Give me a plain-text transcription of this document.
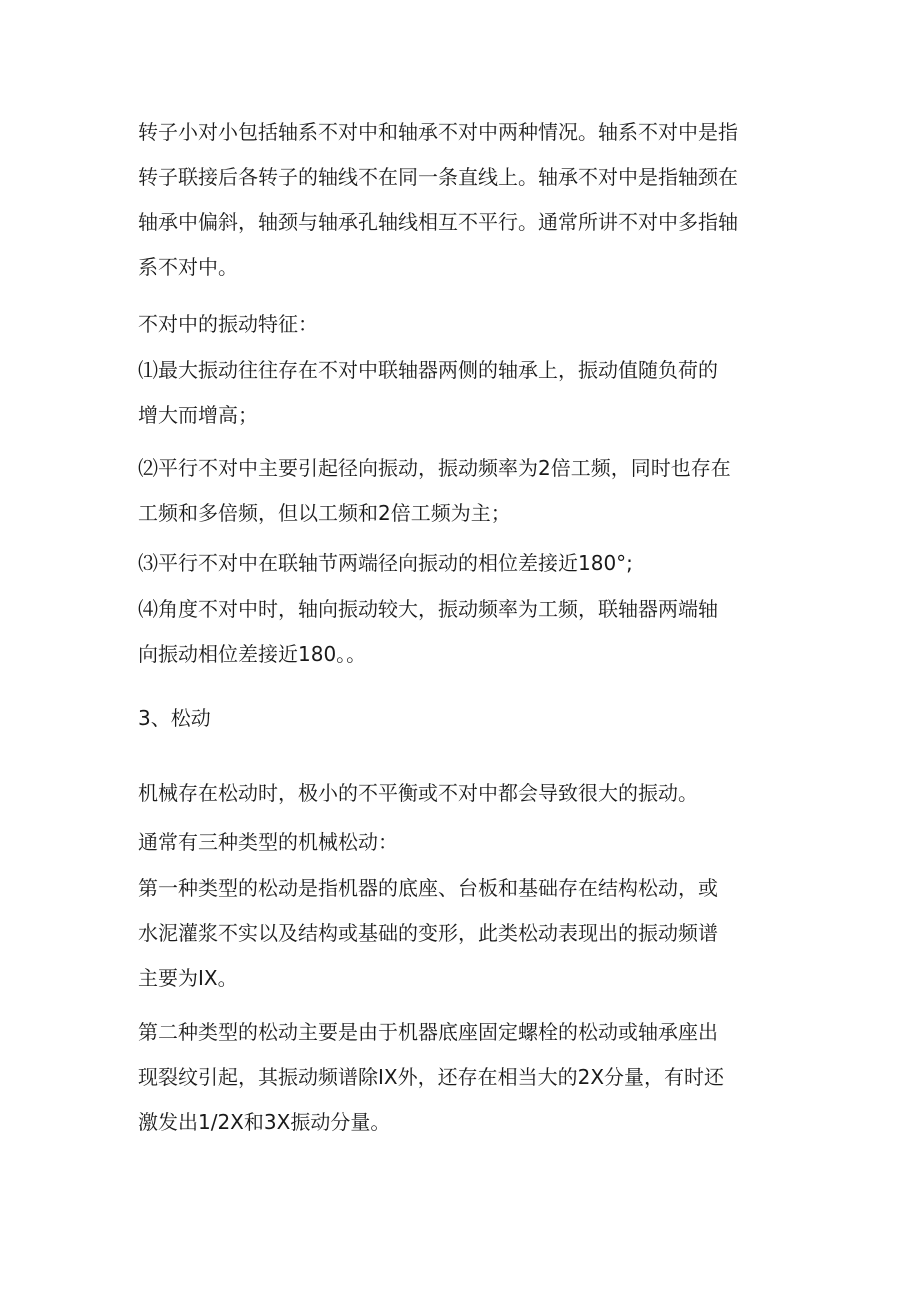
转子小对小包括轴系不对中和轴承不对中两种情况。轴系不对中是指
转子联接后各转子的轴线不在同一条直线上。轴承不对中是指轴颈在
轴承中偏斜，轴颈与轴承孔轴线相互不平行。通常所讲不对中多指轴
系不对中。
不对中的振动特征：
⑴最大振动往往存在不对中联轴器两侧的轴承上，振动值随负荷的
增大而增高；
⑵平行不对中主要引起径向振动，振动频率为2倍工频，同时也存在
工频和多倍频，但以工频和2倍工频为主；
⑶平行不对中在联轴节两端径向振动的相位差接近180°;
⑷角度不对中时，轴向振动较大，振动频率为工频，联轴器两端轴
向振动相位差接近180。。
3、松动
机械存在松动时，极小的不平衡或不对中都会导致很大的振动。
通常有三种类型的机械松动：
第一种类型的松动是指机器的底座、台板和基础存在结构松动，或
水泥灌浆不实以及结构或基础的变形，此类松动表现出的振动频谱
主要为IX。
第二种类型的松动主要是由于机器底座固定螺栓的松动或轴承座出
现裂纹引起，其振动频谱除IX外，还存在相当大的2X分量，有时还
激发出1/2X和3X振动分量。
